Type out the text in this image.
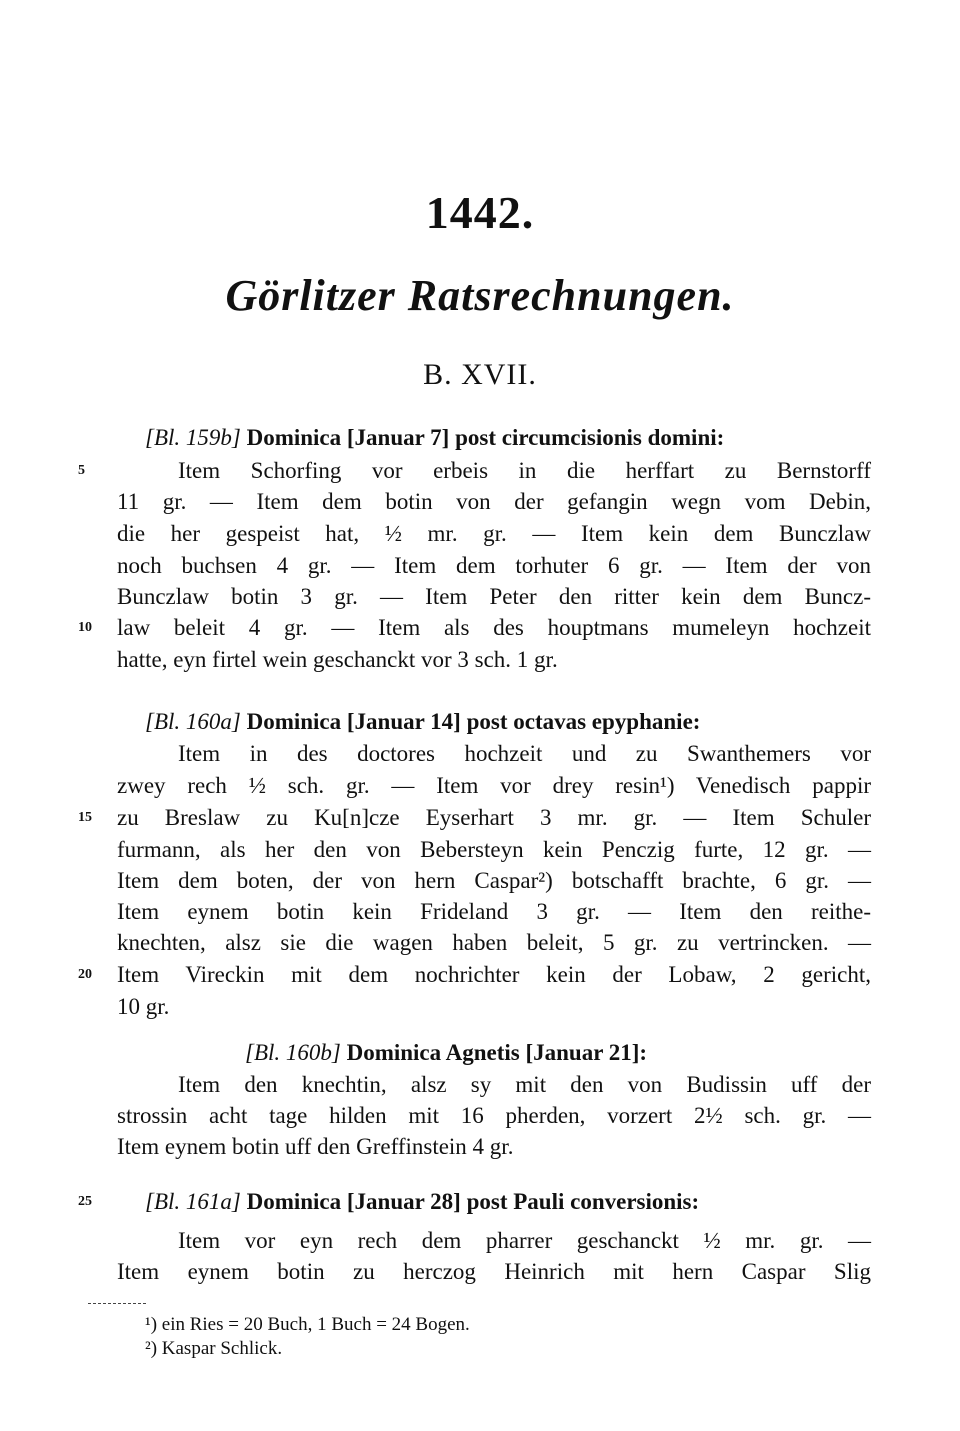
1442.
Görlitzer Ratsrechnungen.
B. XVII.
5
10
15
20
25
[Bl. 159b] Dominica [Januar 7] post circumcisionis domini:
Item Schorfing vor erbeis in die herffart zu Bernstorff
11 gr. — Item dem botin von der gefangin wegn vom Debin,
die her gespeist hat, ½ mr. gr. — Item kein dem Bunczlaw
noch buchsen 4 gr. — Item dem torhuter 6 gr. — Item der von
Bunczlaw botin 3 gr. — Item Peter den ritter kein dem Buncz-
law beleit 4 gr. — Item als des houptmans mumeleyn hochzeit
hatte, eyn firtel wein geschanckt vor 3 sch. 1 gr.
[Bl. 160a] Dominica [Januar 14] post octavas epyphanie:
Item in des doctores hochzeit und zu Swanthemers vor
zwey rech ½ sch. gr. — Item vor drey resin¹) Venedisch pappir
zu Breslaw zu Ku[n]cze Eyserhart 3 mr. gr. — Item Schuler
furmann, als her den von Bebersteyn kein Penczig furte, 12 gr. —
Item dem boten, der von hern Caspar²) botschafft brachte, 6 gr. —
Item eynem botin kein Frideland 3 gr. — Item den reithe-
knechten, alsz sie die wagen haben beleit, 5 gr. zu vertrincken. —
Item Vireckin mit dem nochrichter kein der Lobaw, 2 gericht,
10 gr.
[Bl. 160b] Dominica Agnetis [Januar 21]:
Item den knechtin, alsz sy mit den von Budissin uff der
strossin acht tage hilden mit 16 pherden, vorzert 2½ sch. gr. —
Item eynem botin uff den Greffinstein 4 gr.
[Bl. 161a] Dominica [Januar 28] post Pauli conversionis:
Item vor eyn rech dem pharrer geschanckt ½ mr. gr. —
Item eynem botin zu herczog Heinrich mit hern Caspar Slig
¹) ein Ries = 20 Buch, 1 Buch = 24 Bogen.
²) Kaspar Schlick.
